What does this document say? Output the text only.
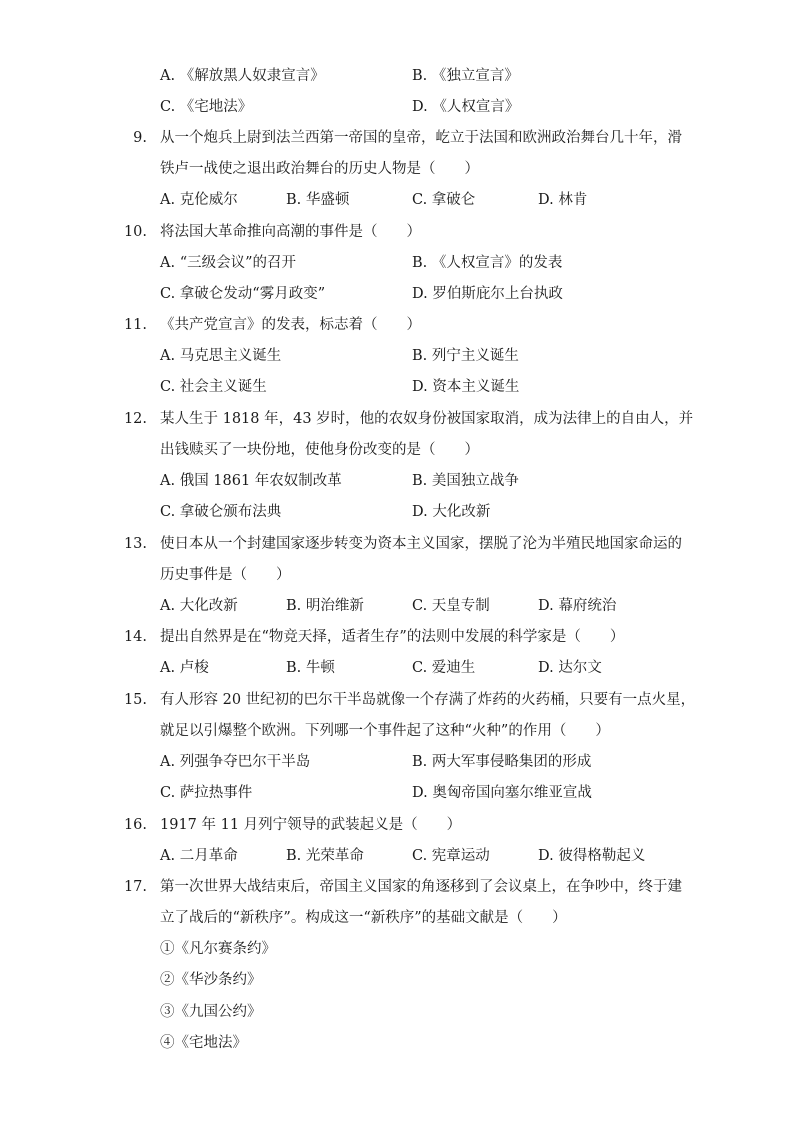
A. 《解放黑人奴隶宣言》	B. 《独立宣言》
C. 《宅地法》	D. 《人权宣言》
9. 从一个炮兵上尉到法兰西第一帝国的皇帝，屹立于法国和欧洲政治舞台几十年，滑
铁卢一战使之退出政治舞台的历史人物是（　　）
A. 克伦威尔	B. 华盛顿	C. 拿破仑	D. 林肯
10. 将法国大革命推向高潮的事件是（　　）
A. “三级会议”的召开	B. 《人权宣言》的发表
C. 拿破仑发动“雾月政变”	D. 罗伯斯庇尔上台执政
11. 《共产党宣言》的发表，标志着（　　）
A. 马克思主义诞生	B. 列宁主义诞生
C. 社会主义诞生	D. 资本主义诞生
12. 某人生于 1818 年，43 岁时，他的农奴身份被国家取消，成为法律上的自由人，并
出钱赎买了一块份地，使他身份改变的是（　　）
A. 俄国 1861 年农奴制改革	B. 美国独立战争
C. 拿破仑颁布法典	D. 大化改新
13. 使日本从一个封建国家逐步转变为资本主义国家，摆脱了沦为半殖民地国家命运的
历史事件是（　　）
A. 大化改新	B. 明治维新	C. 天皇专制	D. 幕府统治
14. 提出自然界是在“物竞天择，适者生存”的法则中发展的科学家是（　　）
A. 卢梭	B. 牛顿	C. 爱迪生	D. 达尔文
15. 有人形容 20 世纪初的巴尔干半岛就像一个存满了炸药的火药桶，只要有一点火星，
就足以引爆整个欧洲。下列哪一个事件起了这种“火种”的作用（　　）
A. 列强争夺巴尔干半岛	B. 两大军事侵略集团的形成
C. 萨拉热事件	D. 奥匈帝国向塞尔维亚宣战
16. 1917 年 11 月列宁领导的武装起义是（　　）
A. 二月革命	B. 光荣革命	C. 宪章运动	D. 彼得格勒起义
17. 第一次世界大战结束后，帝国主义国家的角逐移到了会议桌上，在争吵中，终于建
立了战后的“新秩序”。构成这一“新秩序”的基础文献是（　　）
①《凡尔赛条约》
②《华沙条约》
③《九国公约》
④《宅地法》
